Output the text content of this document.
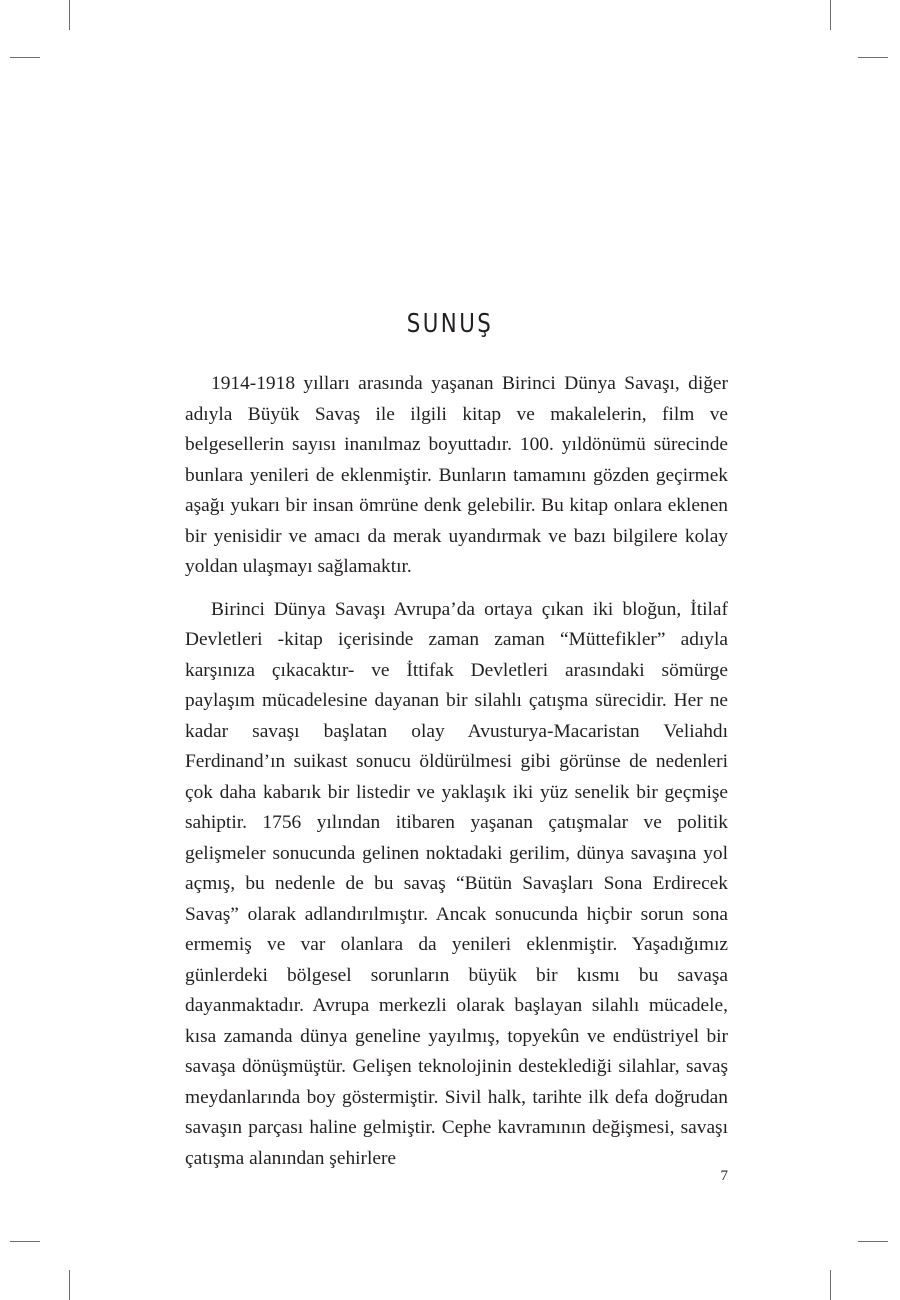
SUNUŞ

1914-1918 yılları arasında yaşanan Birinci Dünya Savaşı, diğer adıyla Büyük Savaş ile ilgili kitap ve makalelerin, film ve belgesellerin sayısı inanılmaz boyuttadır. 100. yıldönümü sürecinde bunlara yenileri de eklenmiştir. Bunların tamamını gözden geçirmek aşağı yukarı bir insan ömrüne denk gelebilir. Bu kitap onlara eklenen bir yenisidir ve amacı da merak uyandırmak ve bazı bilgilere kolay yoldan ulaşmayı sağlamaktır.

Birinci Dünya Savaşı Avrupa’da ortaya çıkan iki bloğun, İtilaf Devletleri -kitap içerisinde zaman zaman “Müttefikler” adıyla karşınıza çıkacaktır- ve İttifak Devletleri arasındaki sömürge paylaşım mücadelesine dayanan bir silahlı çatışma sürecidir. Her ne kadar savaşı başlatan olay Avusturya-Macaristan Veliahdı Ferdinand’ın suikast sonucu öldürülmesi gibi görünse de nedenleri çok daha kabarık bir listedir ve yaklaşık iki yüz senelik bir geçmişe sahiptir. 1756 yılından itibaren yaşanan çatışmalar ve politik gelişmeler sonucunda gelinen noktadaki gerilim, dünya savaşına yol açmış, bu nedenle de bu savaş “Bütün Savaşları Sona Erdirecek Savaş” olarak adlandırılmıştır. Ancak sonucunda hiçbir sorun sona ermemiş ve var olanlara da yenileri eklenmiştir. Yaşadığımız günlerdeki bölgesel sorunların büyük bir kısmı bu savaşa dayanmaktadır. Avrupa merkezli olarak başlayan silahlı mücadele, kısa zamanda dünya geneline yayılmış, topyekûn ve endüstriyel bir savaşa dönüşmüştür. Gelişen teknolojinin desteklediği silahlar, savaş meydanlarında boy göstermiştir. Sivil halk, tarihte ilk defa doğrudan savaşın parçası haline gelmiştir. Cephe kavramının değişmesi, savaşı çatışma alanından şehirlere

7
